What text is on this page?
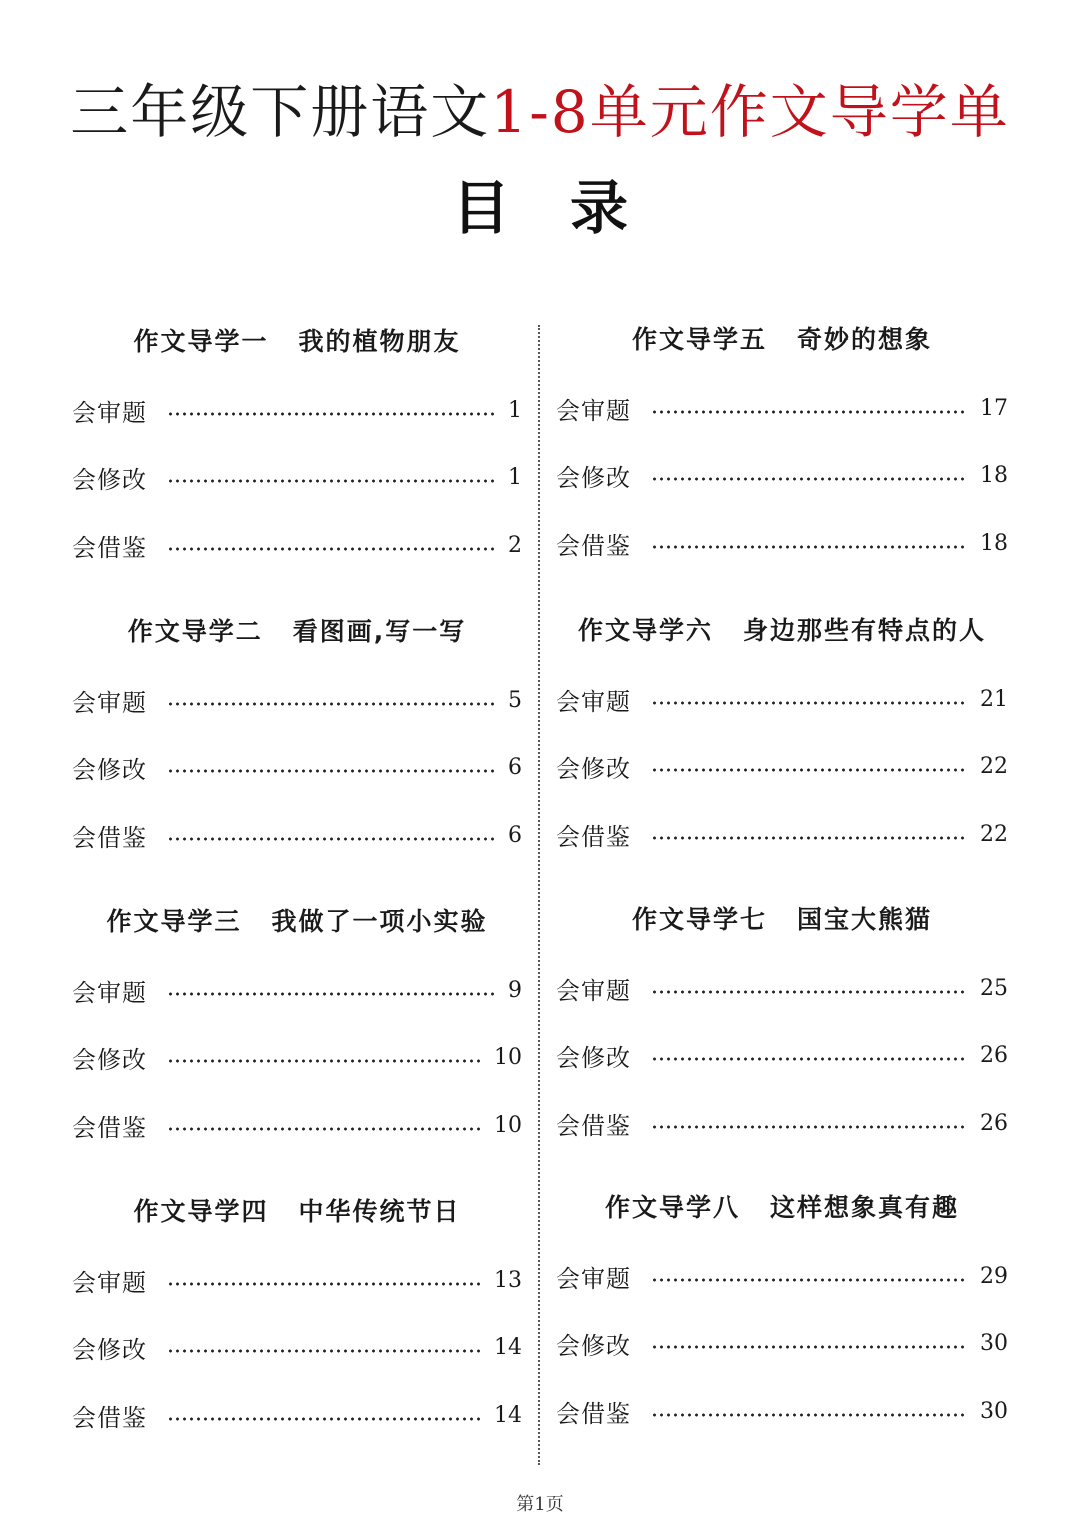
三年级下册语文1-8单元作文导学单
目录
作文导学一 我的植物朋友
会审题	1
会修改	1
会借鉴	2
作文导学二 看图画,写一写
会审题	5
会修改	6
会借鉴	6
作文导学三 我做了一项小实验
会审题	9
会修改	10
会借鉴	10
作文导学四 中华传统节日
会审题	13
会修改	14
会借鉴	14
作文导学五 奇妙的想象
会审题	17
会修改	18
会借鉴	18
作文导学六 身边那些有特点的人
会审题	21
会修改	22
会借鉴	22
作文导学七 国宝大熊猫
会审题	25
会修改	26
会借鉴	26
作文导学八 这样想象真有趣
会审题	29
会修改	30
会借鉴	30
第1页
